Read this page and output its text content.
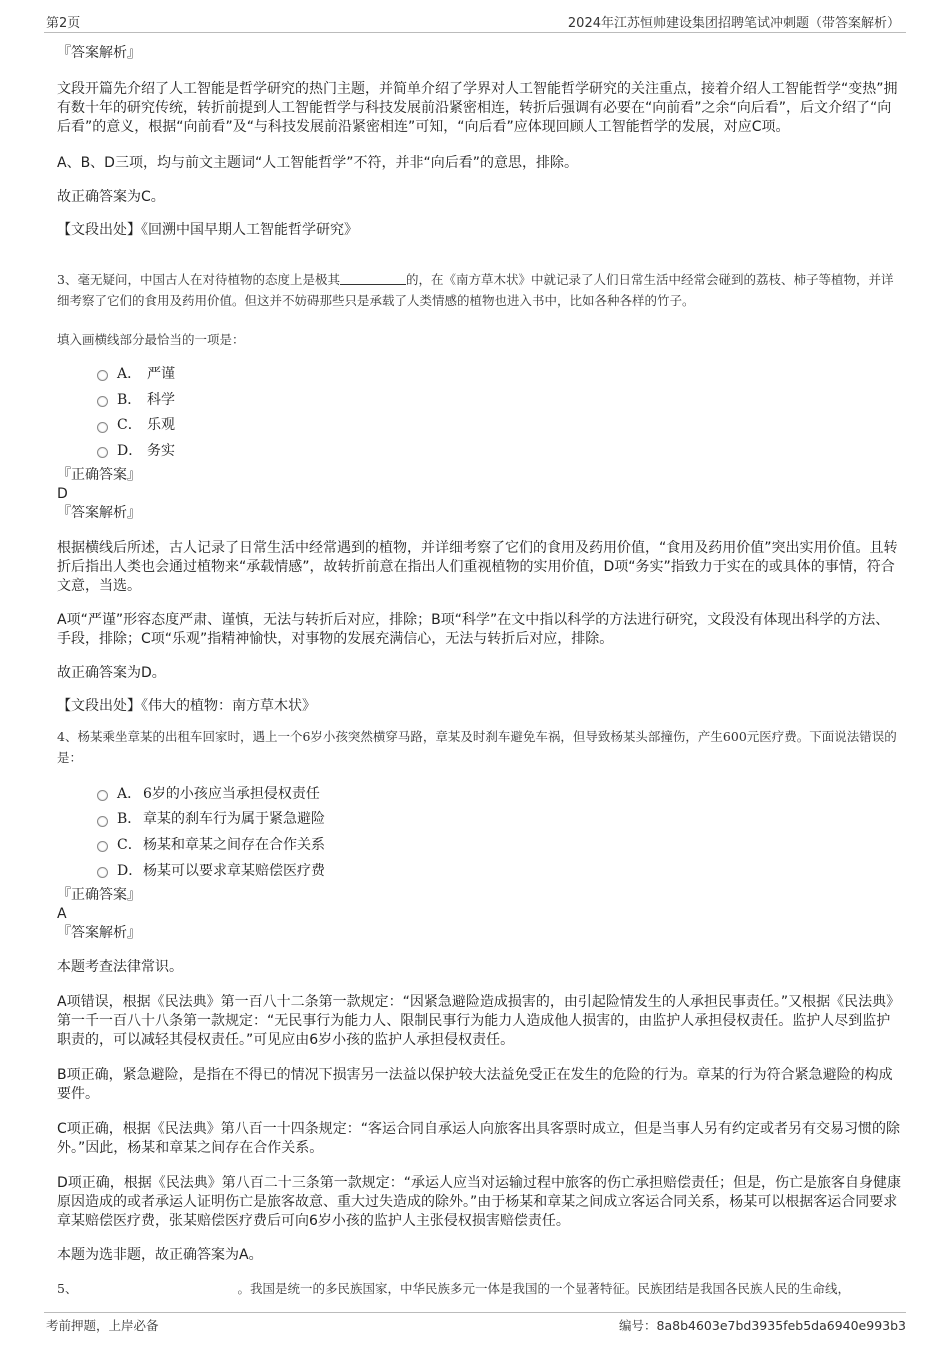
第2页	2024年江苏恒帅建设集团招聘笔试冲刺题（带答案解析）
『答案解析』
文段开篇先介绍了人工智能是哲学研究的热门主题，并简单介绍了学界对人工智能哲学研究的关注重点，接着介绍人工智能哲学“变热”拥有数十年的研究传统，转折前提到人工智能哲学与科技发展前沿紧密相连，转折后强调有必要在“向前看”之余“向后看”，后文介绍了“向后看”的意义，根据“向前看”及“与科技发展前沿紧密相连”可知，“向后看”应体现回顾人工智能哲学的发展，对应C项。
A、B、D三项，均与前文主题词“人工智能哲学”不符，并非“向后看”的意思，排除。
故正确答案为C。
【文段出处】《回溯中国早期人工智能哲学研究》
3、毫无疑问，中国古人在对待植物的态度上是极其	的，在《南方草木状》中就记录了人们日常生活中经常会碰到的荔枝、柿子等植物，并详细考察了它们的食用及药用价值。但这并不妨碍那些只是承载了人类情感的植物也进入书中，比如各种各样的竹子。
填入画横线部分最恰当的一项是：
A． 严谨
B． 科学
C． 乐观
D． 务实
『正确答案』
D
『答案解析』
根据横线后所述，古人记录了日常生活中经常遇到的植物，并详细考察了它们的食用及药用价值，“食用及药用价值”突出实用价值。且转折后指出人类也会通过植物来“承载情感”，故转折前意在指出人们重视植物的实用价值，D项“务实”指致力于实在的或具体的事情，符合文意，当选。
A项“严谨”形容态度严肃、谨慎，无法与转折后对应，排除；B项“科学”在文中指以科学的方法进行研究，文段没有体现出科学的方法、手段，排除；C项“乐观”指精神愉快，对事物的发展充满信心，无法与转折后对应，排除。
故正确答案为D。
【文段出处】《伟大的植物：南方草木状》
4、杨某乘坐章某的出租车回家时，遇上一个6岁小孩突然横穿马路，章某及时刹车避免车祸，但导致杨某头部撞伤，产生600元医疗费。下面说法错误的是：
A． 6岁的小孩应当承担侵权责任
B． 章某的刹车行为属于紧急避险
C． 杨某和章某之间存在合作关系
D． 杨某可以要求章某赔偿医疗费
『正确答案』
A
『答案解析』
本题考查法律常识。
A项错误，根据《民法典》第一百八十二条第一款规定：“因紧急避险造成损害的，由引起险情发生的人承担民事责任。”又根据《民法典》第一千一百八十八条第一款规定：“无民事行为能力人、限制民事行为能力人造成他人损害的，由监护人承担侵权责任。监护人尽到监护职责的，可以减轻其侵权责任。”可见应由6岁小孩的监护人承担侵权责任。
B项正确，紧急避险，是指在不得已的情况下损害另一法益以保护较大法益免受正在发生的危险的行为。章某的行为符合紧急避险的构成要件。
C项正确，根据《民法典》第八百一十四条规定：“客运合同自承运人向旅客出具客票时成立，但是当事人另有约定或者另有交易习惯的除外。”因此，杨某和章某之间存在合作关系。
D项正确，根据《民法典》第八百二十三条第一款规定：“承运人应当对运输过程中旅客的伤亡承担赔偿责任；但是，伤亡是旅客自身健康原因造成的或者承运人证明伤亡是旅客故意、重大过失造成的除外。”由于杨某和章某之间成立客运合同关系，杨某可以根据客运合同要求章某赔偿医疗费，张某赔偿医疗费后可向6岁小孩的监护人主张侵权损害赔偿责任。
本题为选非题，故正确答案为A。
5、	。我国是统一的多民族国家，中华民族多元一体是我国的一个显著特征。民族团结是我国各民族人民的生命线，
考前押题，上岸必备	编号：8a8b4603e7bd3935feb5da6940e993b3
